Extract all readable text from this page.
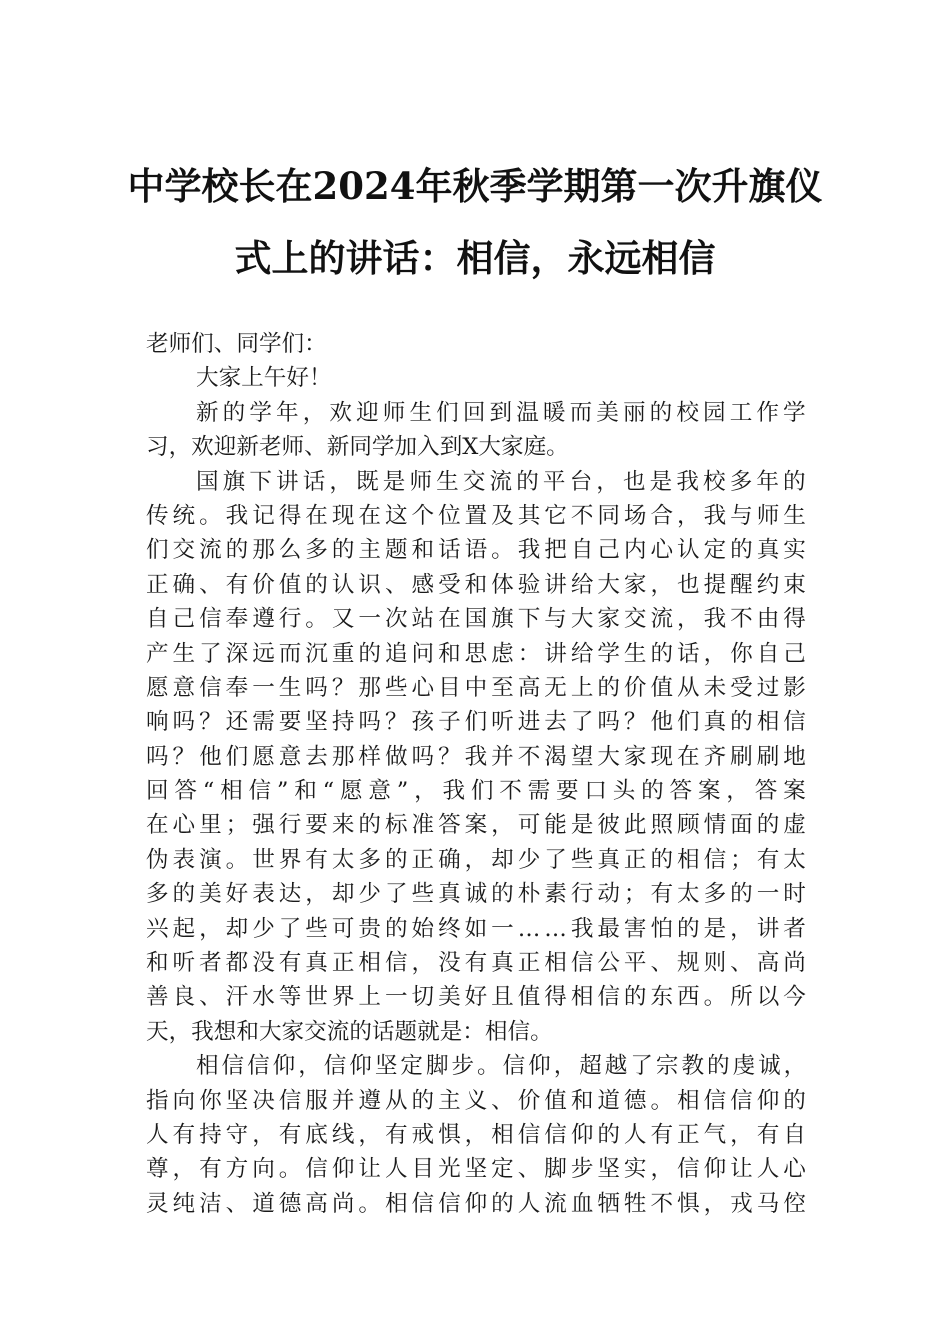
中学校长在2024年秋季学期第一次升旗仪
式上的讲话：相信，永远相信
老师们、同学们：
大家上午好！
新的学年，欢迎师生们回到温暖而美丽的校园工作学
习，欢迎新老师、新同学加入到X大家庭。
国旗下讲话，既是师生交流的平台，也是我校多年的
传统。我记得在现在这个位置及其它不同场合，我与师生
们交流的那么多的主题和话语。我把自己内心认定的真实
正确、有价值的认识、感受和体验讲给大家，也提醒约束
自己信奉遵行。又一次站在国旗下与大家交流，我不由得
产生了深远而沉重的追问和思虑：讲给学生的话，你自己
愿意信奉一生吗？那些心目中至高无上的价值从未受过影
响吗？还需要坚持吗？孩子们听进去了吗？他们真的相信
吗？他们愿意去那样做吗？我并不渴望大家现在齐刷刷地
回答“相信”和“愿意”，我们不需要口头的答案，答案
在心里；强行要来的标准答案，可能是彼此照顾情面的虚
伪表演。世界有太多的正确，却少了些真正的相信；有太
多的美好表达，却少了些真诚的朴素行动；有太多的一时
兴起，却少了些可贵的始终如一……我最害怕的是，讲者
和听者都没有真正相信，没有真正相信公平、规则、高尚
善良、汗水等世界上一切美好且值得相信的东西。所以今
天，我想和大家交流的话题就是：相信。
相信信仰，信仰坚定脚步。信仰，超越了宗教的虔诚，
指向你坚决信服并遵从的主义、价值和道德。相信信仰的
人有持守，有底线，有戒惧，相信信仰的人有正气，有自
尊，有方向。信仰让人目光坚定、脚步坚实，信仰让人心
灵纯洁、道德高尚。相信信仰的人流血牺牲不惧，戎马倥
